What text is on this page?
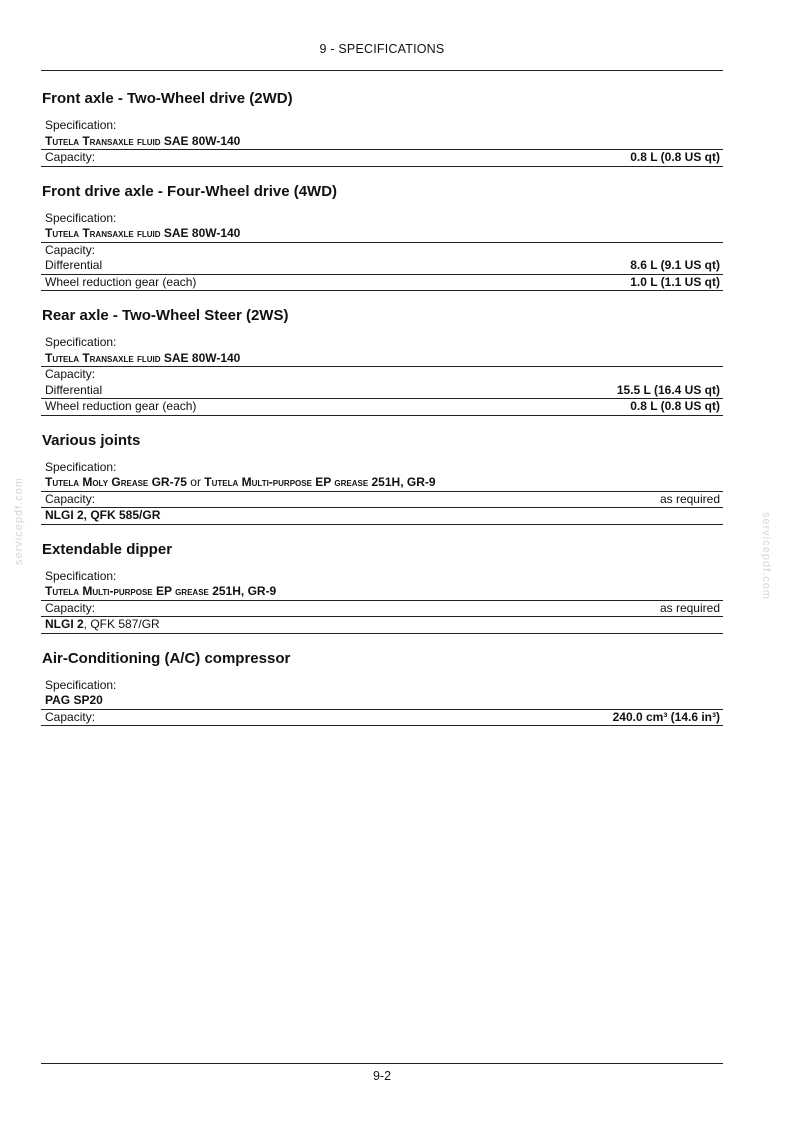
9 - SPECIFICATIONS
Front axle - Two-Wheel drive (2WD)
Specification:
Tutela Transaxle fluid SAE 80W-140
Capacity:	0.8 L (0.8 US qt)
Front drive axle - Four-Wheel drive (4WD)
Specification:
Tutela Transaxle fluid SAE 80W-140
Capacity:
Differential	8.6 L (9.1 US qt)
Wheel reduction gear (each)	1.0 L (1.1 US qt)
Rear axle - Two-Wheel Steer (2WS)
Specification:
Tutela Transaxle fluid SAE 80W-140
Capacity:
Differential	15.5 L (16.4 US qt)
Wheel reduction gear (each)	0.8 L (0.8 US qt)
Various joints
Specification:
Tutela Moly Grease GR-75 or Tutela Multi-purpose EP grease 251H, GR-9
Capacity:	as required
NLGI 2, QFK 585/GR
Extendable dipper
Specification:
Tutela Multi-purpose EP grease 251H, GR-9
Capacity:	as required
NLGI 2, QFK 587/GR
Air-Conditioning (A/C) compressor
Specification:
PAG SP20
Capacity:	240.0 cm³ (14.6 in³)
servicepdf.com	servicepdf.com
9-2
